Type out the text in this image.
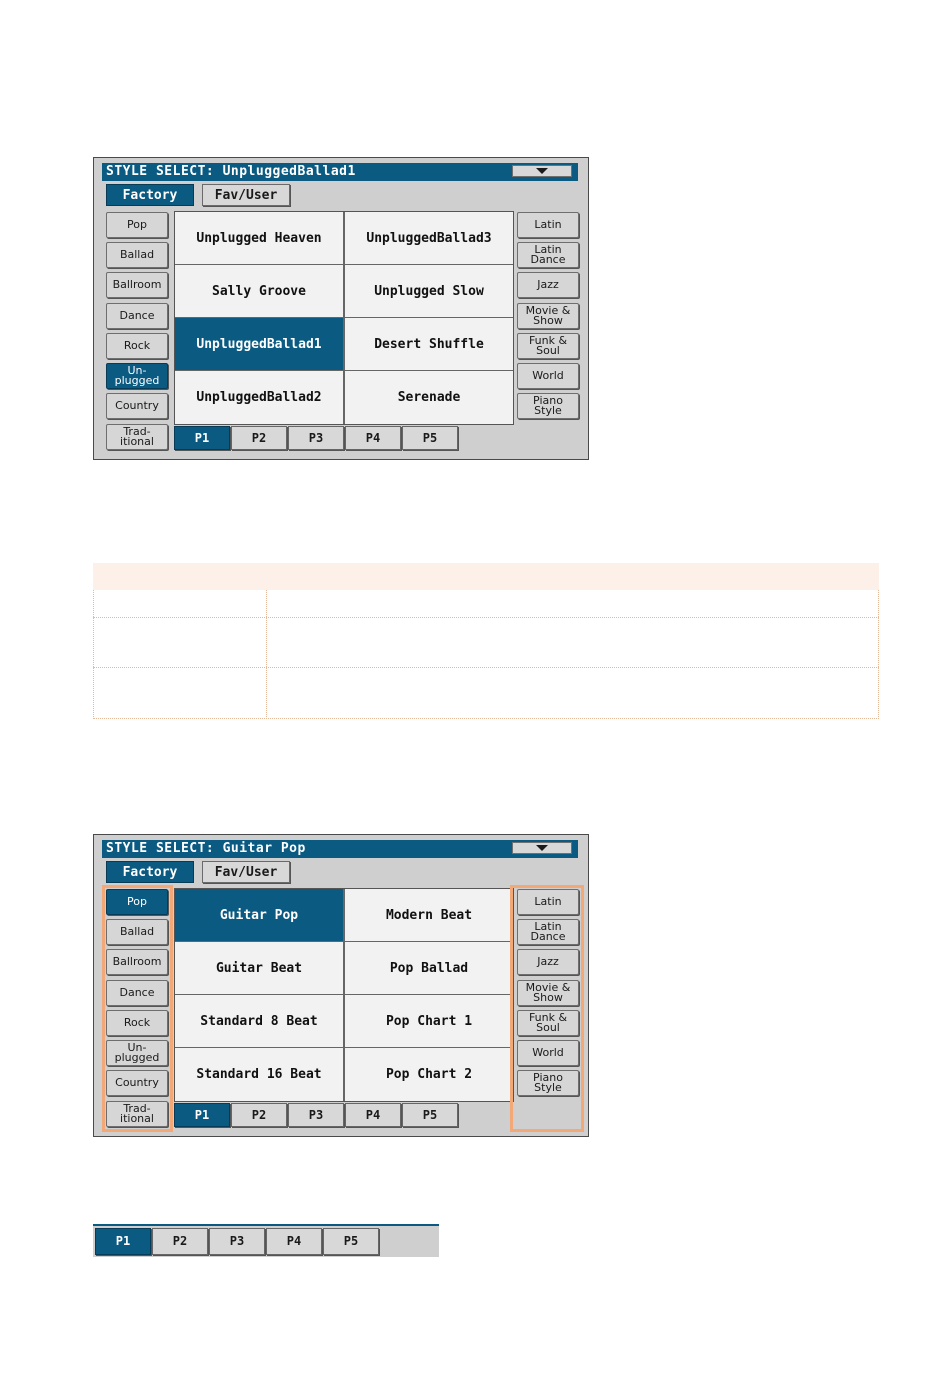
STYLE SELECT: UnpluggedBallad1
Factory	Fav/User
Pop
Ballad
Ballroom
Dance
Rock
Un-
plugged
Country
Trad-
itional
Unplugged Heaven	UnpluggedBallad3
Sally Groove	Unplugged Slow
UnpluggedBallad1	Desert Shuffle
UnpluggedBallad2	Serenade
Latin
Latin
Dance
Jazz
Movie &
Show
Funk &
Soul
World
Piano
Style
P1	P2	P3	P4	P5
STYLE SELECT: Guitar Pop
Factory	Fav/User
Pop
Ballad
Ballroom
Dance
Rock
Un-
plugged
Country
Trad-
itional
Guitar Pop	Modern Beat
Guitar Beat	Pop Ballad
Standard 8 Beat	Pop Chart 1
Standard 16 Beat	Pop Chart 2
Latin
Latin
Dance
Jazz
Movie &
Show
Funk &
Soul
World
Piano
Style
P1	P2	P3	P4	P5
P1	P2	P3	P4	P5
